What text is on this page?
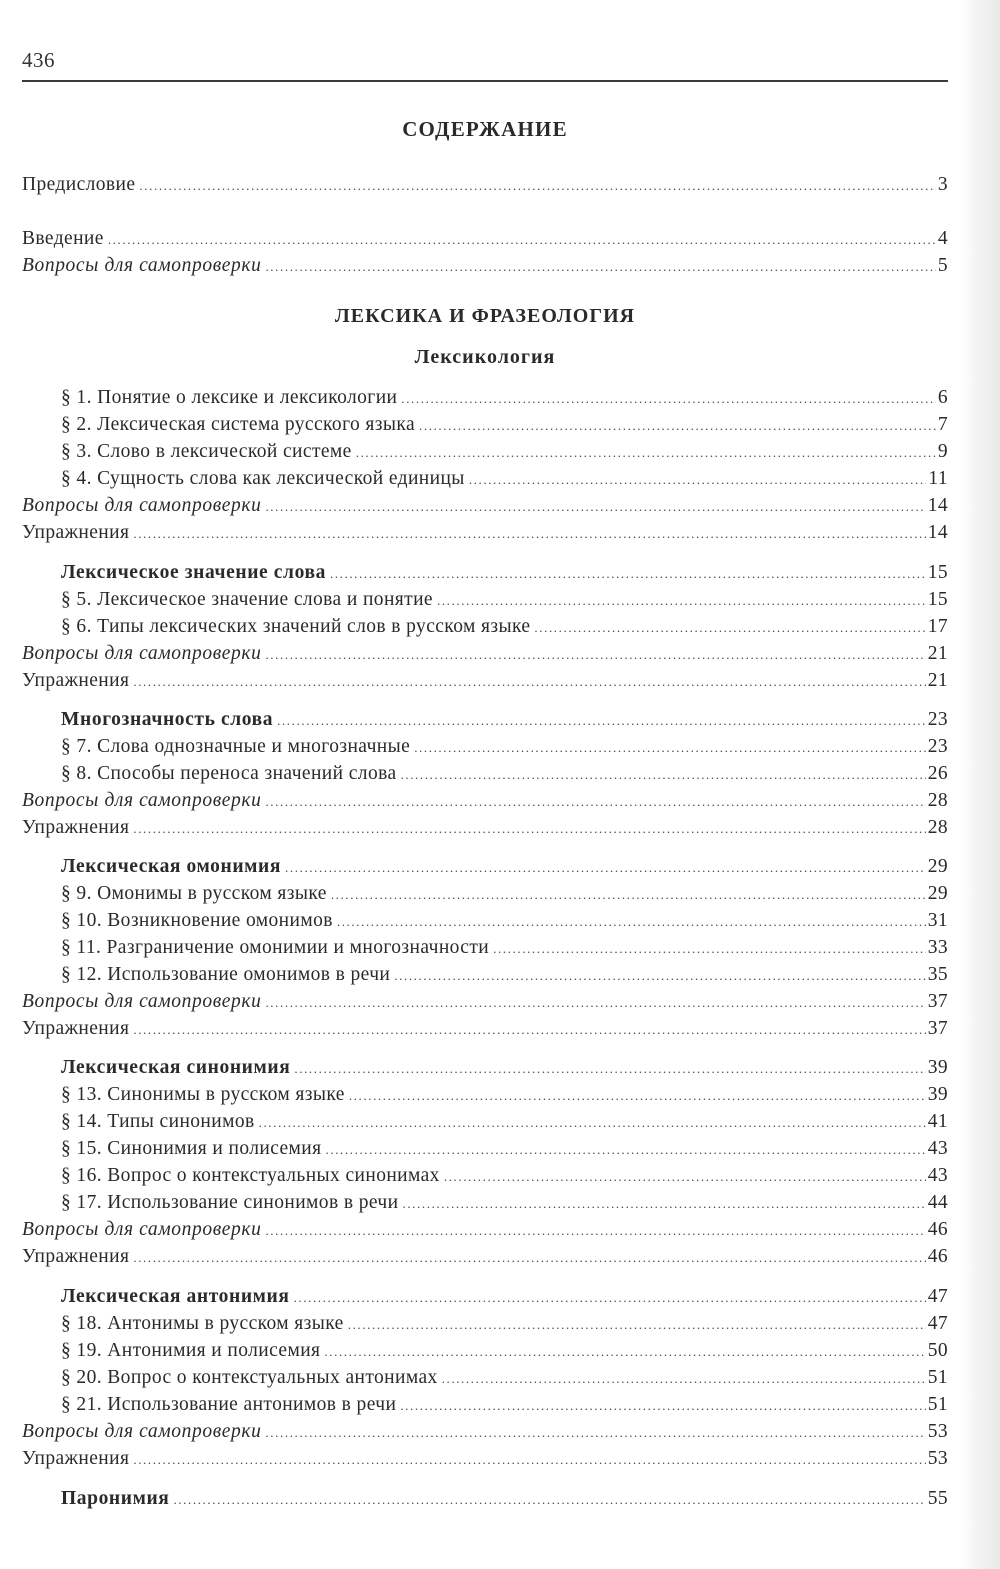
436
СОДЕРЖАНИЕ
Предисловие .....	3
Введение .....	4
Вопросы для самопроверки .....	5
ЛЕКСИКА И ФРАЗЕОЛОГИЯ
Лексикология
§ 1. Понятие о лексике и лексикологии .....	6
§ 2. Лексическая система русского языка .....	7
§ 3. Слово в лексической системе .....	9
§ 4. Сущность слова как лексической единицы .....	11
Вопросы для самопроверки .....	14
Упражнения .....	14
Лексическое значение слова .....	15
§ 5. Лексическое значение слова и понятие .....	15
§ 6. Типы лексических значений слов в русском языке .....	17
Вопросы для самопроверки .....	21
Упражнения .....	21
Многозначность слова .....	23
§ 7. Слова однозначные и многозначные .....	23
§ 8. Способы переноса значений слова .....	26
Вопросы для самопроверки .....	28
Упражнения .....	28
Лексическая омонимия .....	29
§ 9. Омонимы в русском языке .....	29
§ 10. Возникновение омонимов .....	31
§ 11. Разграничение омонимии и многозначности .....	33
§ 12. Использование омонимов в речи .....	35
Вопросы для самопроверки .....	37
Упражнения .....	37
Лексическая синонимия .....	39
§ 13. Синонимы в русском языке .....	39
§ 14. Типы синонимов .....	41
§ 15. Синонимия и полисемия .....	43
§ 16. Вопрос о контекстуальных синонимах .....	43
§ 17. Использование синонимов в речи .....	44
Вопросы для самопроверки .....	46
Упражнения .....	46
Лексическая антонимия .....	47
§ 18. Антонимы в русском языке .....	47
§ 19. Антонимия и полисемия .....	50
§ 20. Вопрос о контекстуальных антонимах .....	51
§ 21. Использование антонимов в речи .....	51
Вопросы для самопроверки .....	53
Упражнения .....	53
Паронимия .....	55
